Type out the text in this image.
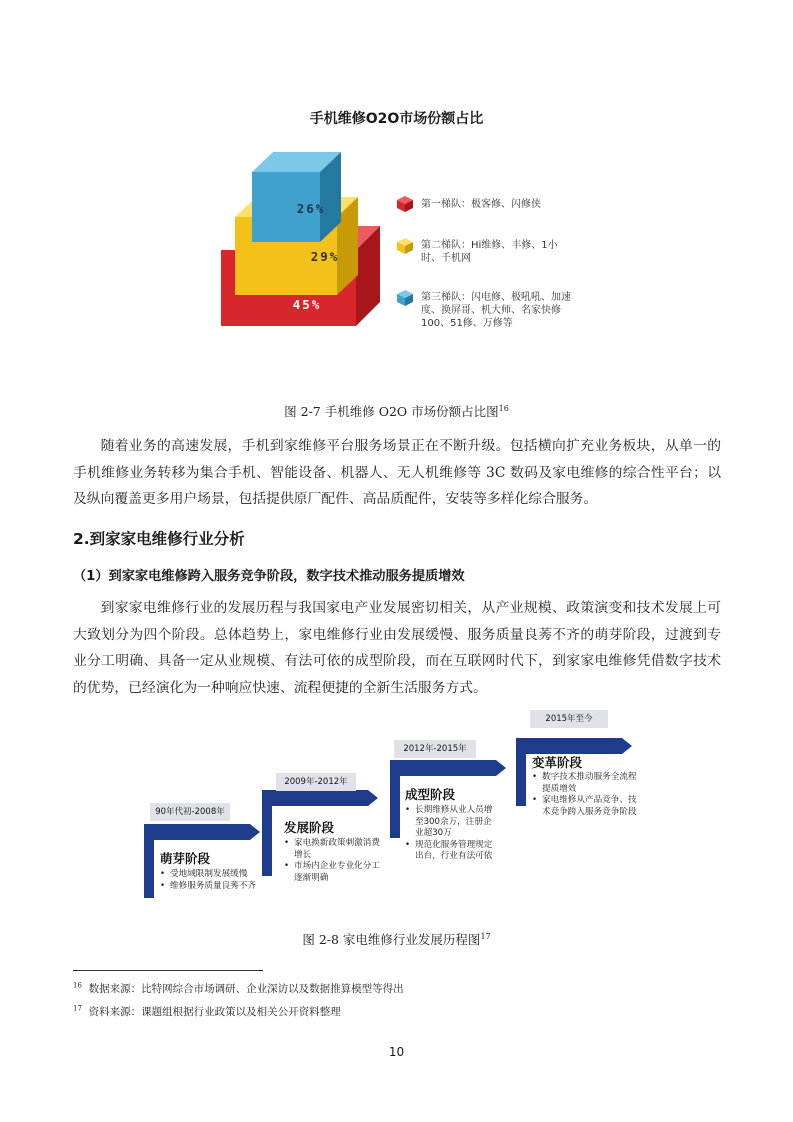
手机维修O2O市场份额占比
45%
29%
26%	第一梯队：极客修、闪修侠
第二梯队：Hi维修、丰修、1小时、千机网
第三梯队：闪电修、极吼吼、加速度、换屏哥、机大师、名家快修100、51修、万修等
图 2-7 手机维修 O2O 市场份额占比图$^{16}$
随着业务的高速发展，手机到家维修平台服务场景正在不断升级。包括横向扩充业务板块，从单一的手机维修业务转移为集合手机、智能设备、机器人、无人机维修等 3C 数码及家电维修的综合性平台；以及纵向覆盖更多用户场景，包括提供原厂配件、高品质配件，安装等多样化综合服务。
2.到家家电维修行业分析
（1）到家家电维修跨入服务竞争阶段，数字技术推动服务提质增效
到家家电维修行业的发展历程与我国家电产业发展密切相关，从产业规模、政策演变和技术发展上可大致划分为四个阶段。总体趋势上，家电维修行业由发展缓慢、服务质量良莠不齐的萌芽阶段，过渡到专业分工明确、具备一定从业规模、有法可依的成型阶段，而在互联网时代下，到家家电维修凭借数字技术的优势，已经演化为一种响应快速、流程便捷的全新生活服务方式。
90年代初-2008年
2009年-2012年
2012年-2015年
2015年至今
萌芽阶段
• 受地域限制发展缓慢
• 维修服务质量良莠不齐
发展阶段
• 家电换新政策刺激消费增长
• 市场内企业专业化分工逐渐明确
成型阶段
• 长期维修从业人员增至300余万，注册企业超30万
• 规范化服务管理规定出台，行业有法可依
变革阶段
• 数字技术推动服务全流程提质增效
• 家电维修从产品竞争、技术竞争跨入服务竞争阶段
图 2-8 家电维修行业发展历程图$^{17}$
$^{16}$ 数据来源：比特网综合市场调研、企业深访以及数据推算模型等得出
$^{17}$ 资料来源：课题组根据行业政策以及相关公开资料整理
10
